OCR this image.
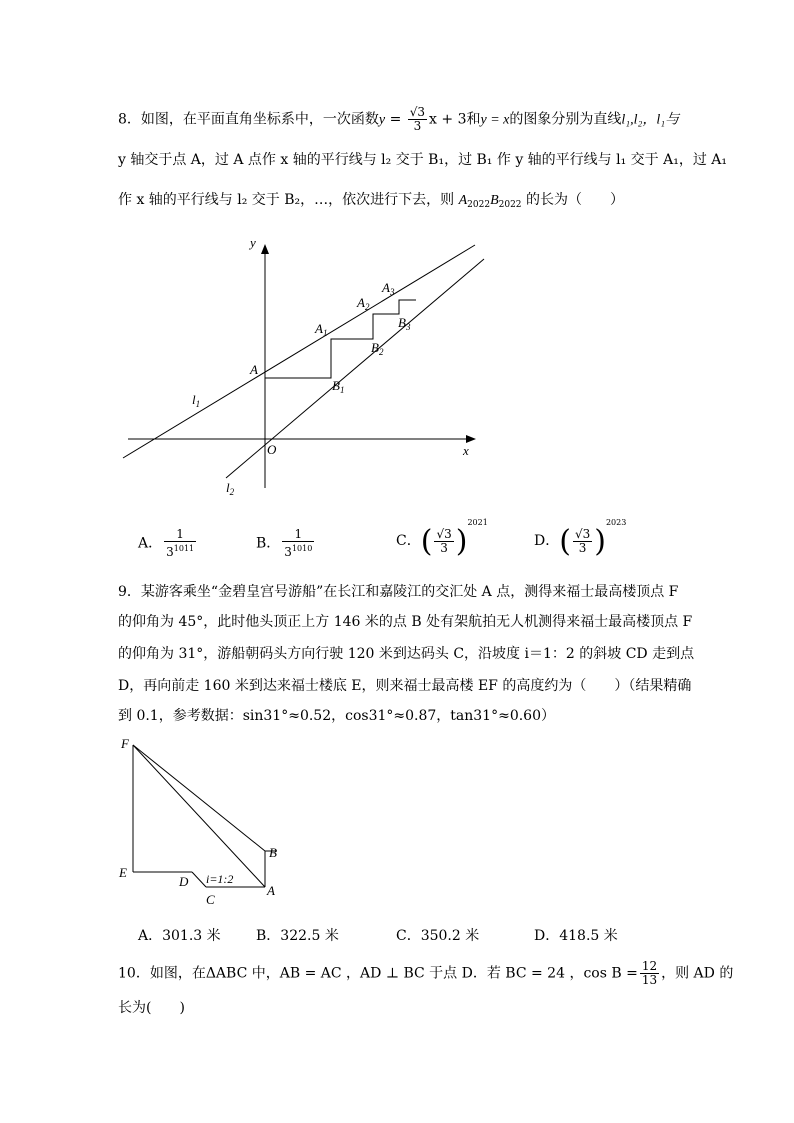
8．如图，在平面直角坐标系中，一次函数$y = \frac{√3}{3}$ x + 3和y = x的图象分别为直线l₁,l₂，l₁与
y 轴交于点 A，过 A 点作 x 轴的平行线与 l₂ 交于 B₁，过 B₁ 作 y 轴的平行线与 l₁ 交于 A₁，过 A₁
作 x 轴的平行线与 l₂ 交于 B₂，…，依次进行下去，则 $A_{2022}B_{2022}$ 的长为（　　）
y
x
O
A
$A_1$
$A_2$
$A_3$
$B_1$
$B_2$
$B_3$
$l_1$
$l_2$
A． $\frac{1}{3^{1011}}$	B． $\frac{1}{3^{1010}}$	C．( $\frac{√3}{3} )^{2021}$
D．( $\frac{√3}{3} )^{2023}$
9．某游客乘坐“金碧皇宫号游船”在长江和嘉陵江的交汇处 A 点，测得来福士最高楼顶点 F
的仰角为 45°，此时他头顶正上方 146 米的点 B 处有架航拍无人机测得来福士最高楼顶点 F
的仰角为 31°，游船朝码头方向行驶 120 米到达码头 C，沿坡度 i＝1：2 的斜坡 CD 走到点
D，再向前走 160 米到达来福士楼底 E，则来福士最高楼 EF 的高度约为（　　）（结果精确
到 0.1，参考数据：sin31°≈0.52，cos31°≈0.87，tan31°≈0.60）
F
E
D
C
A
B
i=1:2
A．301.3 米	B．322.5 米	C．350.2 米	D．418.5 米
10．如图，在ΔABC 中，AB = AC ，AD ⊥ BC 于点 D．若 BC = 24 ，$\cos B = \frac{12}{13}$ ，则 AD 的
长为(　　)
